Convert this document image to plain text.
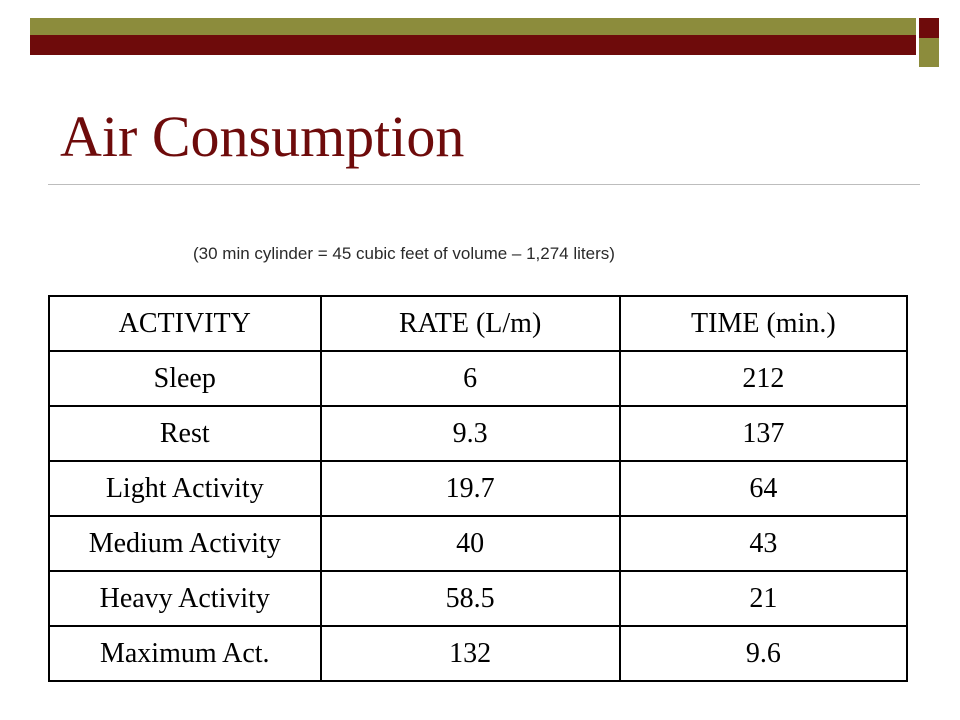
Air Consumption
(30 min cylinder = 45 cubic feet of volume – 1,274 liters)
ACTIVITY	RATE (L/m)	TIME (min.)
Sleep	6	212
Rest	9.3	137
Light Activity	19.7	64
Medium Activity	40	43
Heavy Activity	58.5	21
Maximum Act.	132	9.6
